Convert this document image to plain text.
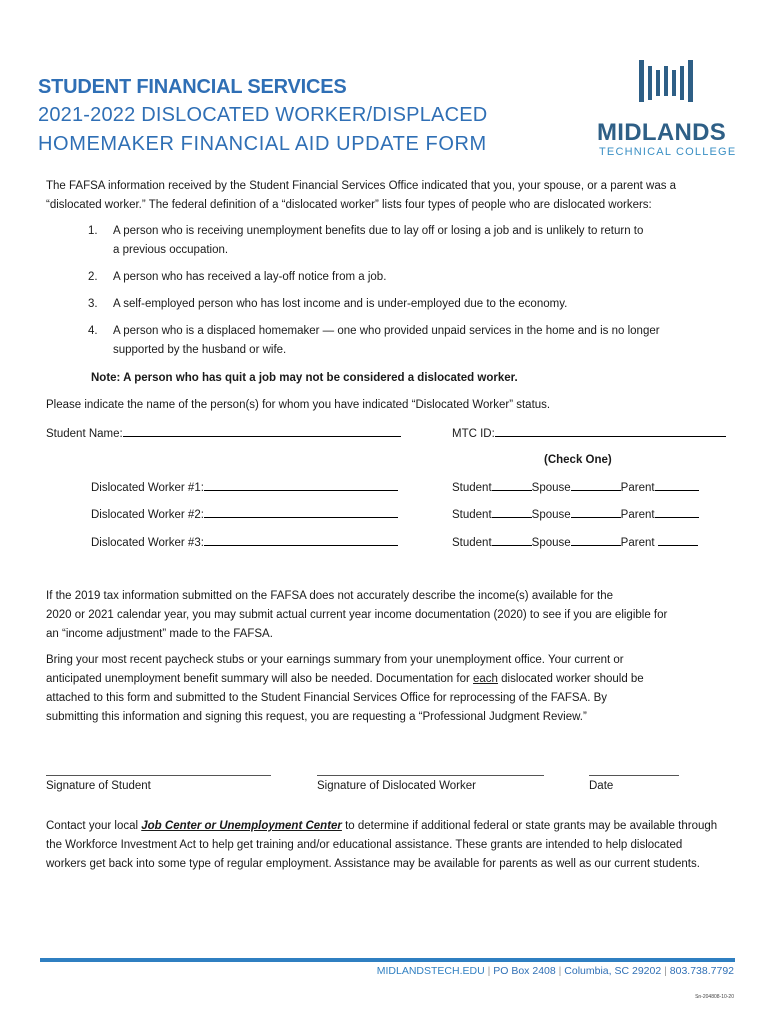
STUDENT FINANCIAL SERVICES
2021-2022 DISLOCATED WORKER/DISPLACED
HOMEMAKER FINANCIAL AID UPDATE FORM	MIDLANDS
TECHNICAL COLLEGE
The FAFSA information received by the Student Financial Services Office indicated that you, your spouse, or a parent was a
“dislocated worker.” The federal definition of a “dislocated worker” lists four types of people who are dislocated workers:
1. A person who is receiving unemployment benefits due to lay off or losing a job and is unlikely to return to
a previous occupation.
2. A person who has received a lay-off notice from a job.
3. A self-employed person who has lost income and is under-employed due to the economy.
4. A person who is a displaced homemaker — one who provided unpaid services in the home and is no longer
supported by the husband or wife.
Note: A person who has quit a job may not be considered a dislocated worker.
Please indicate the name of the person(s) for whom you have indicated “Dislocated Worker” status.
Student Name:	MTC ID:
(Check One)
Dislocated Worker #1:	Student	Spouse	Parent
Dislocated Worker #2:	Student	Spouse	Parent
Dislocated Worker #3:	Student	Spouse	Parent
If the 2019 tax information submitted on the FAFSA does not accurately describe the income(s) available for the
2020 or 2021 calendar year, you may submit actual current year income documentation (2020) to see if you are eligible for
an “income adjustment” made to the FAFSA.
Bring your most recent paycheck stubs or your earnings summary from your unemployment office. Your current or
anticipated unemployment benefit summary will also be needed. Documentation for each dislocated worker should be
attached to this form and submitted to the Student Financial Services Office for reprocessing of the FAFSA. By
submitting this information and signing this request, you are requesting a “Professional Judgment Review.”
Signature of Student	Signature of Dislocated Worker	Date
Contact your local Job Center or Unemployment Center to determine if additional federal or state grants may be available through
the Workforce Investment Act to help get training and/or educational assistance. These grants are intended to help dislocated
workers get back into some type of regular employment. Assistance may be available for parents as well as our current students.
MIDLANDSTECH.EDU | PO Box 2408 | Columbia, SC 29202 | 803.738.7792
Sn-204808-10-20
